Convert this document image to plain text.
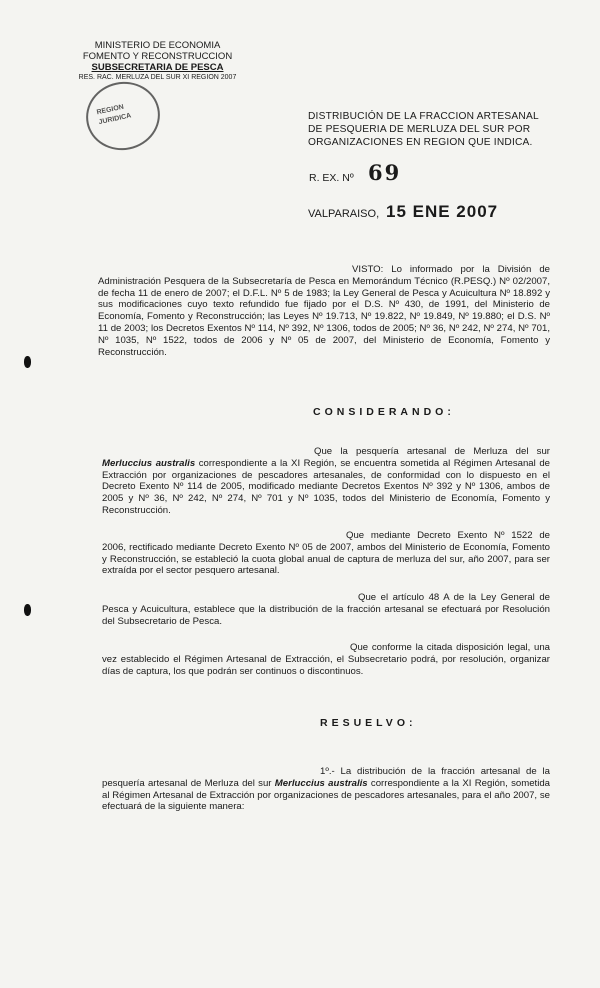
MINISTERIO DE ECONOMIA
FOMENTO Y RECONSTRUCCION
SUBSECRETARIA DE PESCA
RES. RAC. MERLUZA DEL SUR XI REGION 2007
REGION
JURIDICA	DISTRIBUCIÓN DE LA FRACCION ARTESANAL DE PESQUERIA DE MERLUZA DEL SUR POR ORGANIZACIONES EN REGION QUE INDICA.
R. EX. Nº 69
VALPARAISO, 15 ENE 2007
VISTO: Lo informado por la División de Administración Pesquera de la Subsecretaría de Pesca en Memorándum Técnico (R.PESQ.) Nº 02/2007, de fecha 11 de enero de 2007; el D.F.L. Nº 5 de 1983; la Ley General de Pesca y Acuicultura Nº 18.892 y sus modificaciones cuyo texto refundido fue fijado por el D.S. Nº 430, de 1991, del Ministerio de Economía, Fomento y Reconstrucción; las Leyes Nº 19.713, Nº 19.822, Nº 19.849, Nº 19.880; el D.S. Nº 11 de 2003; los Decretos Exentos Nº 114, Nº 392, Nº 1306, todos de 2005; Nº 36, Nº 242, Nº 274, Nº 701, Nº 1035, Nº 1522, todos de 2006 y Nº 05 de 2007, del Ministerio de Economía, Fomento y Reconstrucción.
CONSIDERANDO:
Que la pesquería artesanal de Merluza del sur Merluccius australis correspondiente a la XI Región, se encuentra sometida al Régimen Artesanal de Extracción por organizaciones de pescadores artesanales, de conformidad con lo dispuesto en el Decreto Exento Nº 114 de 2005, modificado mediante Decretos Exentos Nº 392 y Nº 1306, ambos de 2005 y Nº 36, Nº 242, Nº 274, Nº 701 y Nº 1035, todos del Ministerio de Economía, Fomento y Reconstrucción.
Que mediante Decreto Exento Nº 1522 de 2006, rectificado mediante Decreto Exento Nº 05 de 2007, ambos del Ministerio de Economía, Fomento y Reconstrucción, se estableció la cuota global anual de captura de merluza del sur, año 2007, para ser extraída por el sector pesquero artesanal.
Que el artículo 48 A de la Ley General de Pesca y Acuicultura, establece que la distribución de la fracción artesanal se efectuará por Resolución del Subsecretario de Pesca.
Que conforme la citada disposición legal, una vez establecido el Régimen Artesanal de Extracción, el Subsecretario podrá, por resolución, organizar días de captura, los que podrán ser continuos o discontinuos.
RESUELVO:
1º.- La distribución de la fracción artesanal de la pesquería artesanal de Merluza del sur Merluccius australis correspondiente a la XI Región, sometida al Régimen Artesanal de Extracción por organizaciones de pescadores artesanales, para el año 2007, se efectuará de la siguiente manera:
